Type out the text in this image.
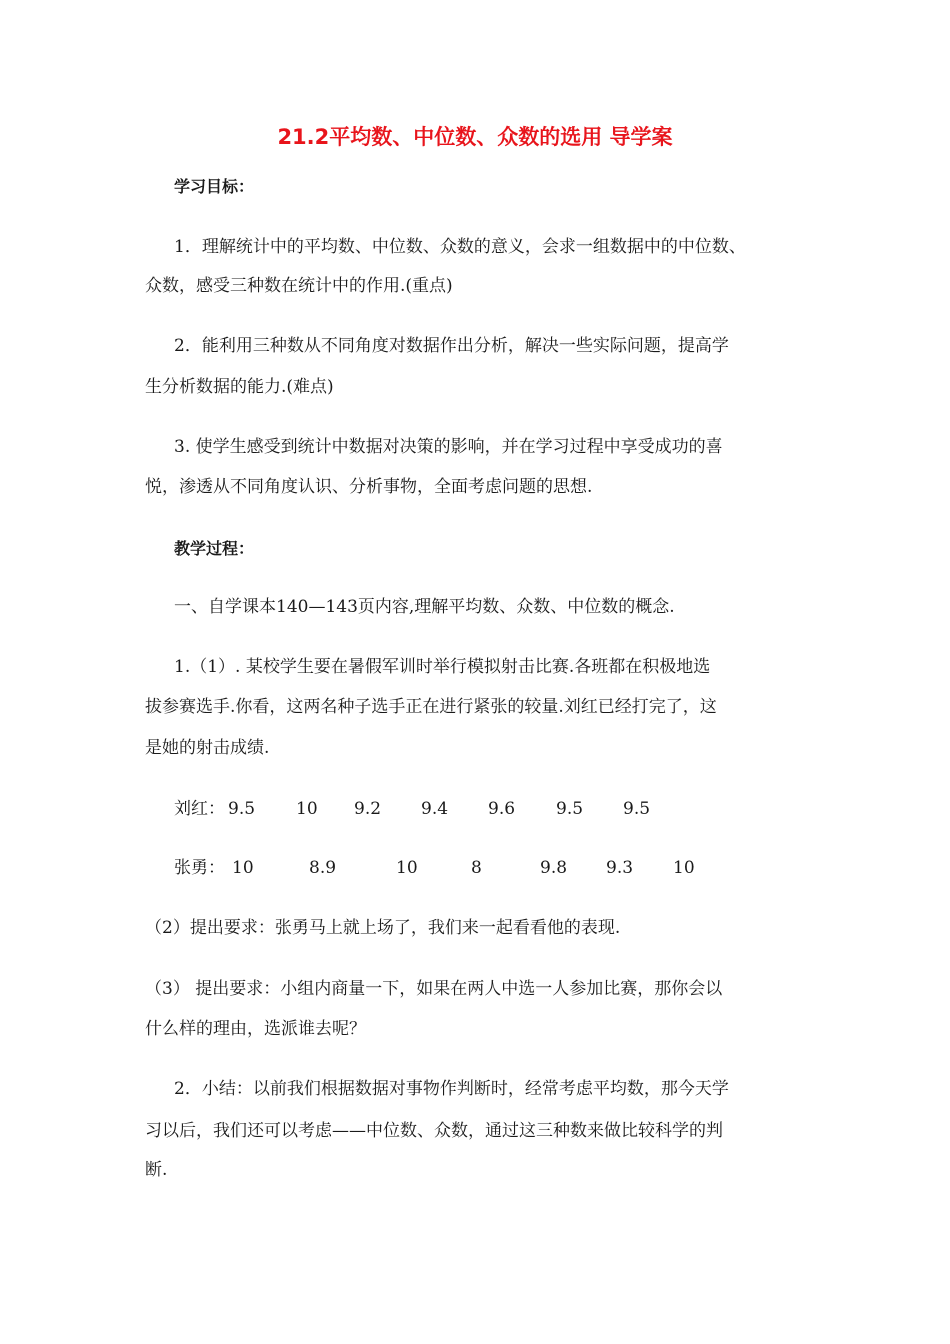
21.2平均数、中位数、众数的选用 导学案
学习目标：
1．理解统计中的平均数、中位数、众数的意义，会求一组数据中的中位数、
众数，感受三种数在统计中的作用.(重点)
2．能利用三种数从不同角度对数据作出分析，解决一些实际问题，提高学
生分析数据的能力.(难点)
3. 使学生感受到统计中数据对决策的影响，并在学习过程中享受成功的喜
悦，渗透从不同角度认识、分析事物，全面考虑问题的思想.
教学过程：
一、自学课本140—143页内容,理解平均数、众数、中位数的概念.
1.（1）. 某校学生要在暑假军训时举行模拟射击比赛.各班都在积极地选
拔参赛选手.你看，这两名种子选手正在进行紧张的较量.刘红已经打完了，这
是她的射击成绩.
刘红： 9.5 10 9.2 9.4 9.6 9.5 9.5
张勇： 10	8.9	10	8	9.8 9.3 10
（2）提出要求：张勇马上就上场了，我们来一起看看他的表现.
（3） 提出要求：小组内商量一下，如果在两人中选一人参加比赛，那你会以
什么样的理由，选派谁去呢？
2．小结：以前我们根据数据对事物作判断时，经常考虑平均数，那今天学
习以后，我们还可以考虑——中位数、众数，通过这三种数来做比较科学的判
断.
